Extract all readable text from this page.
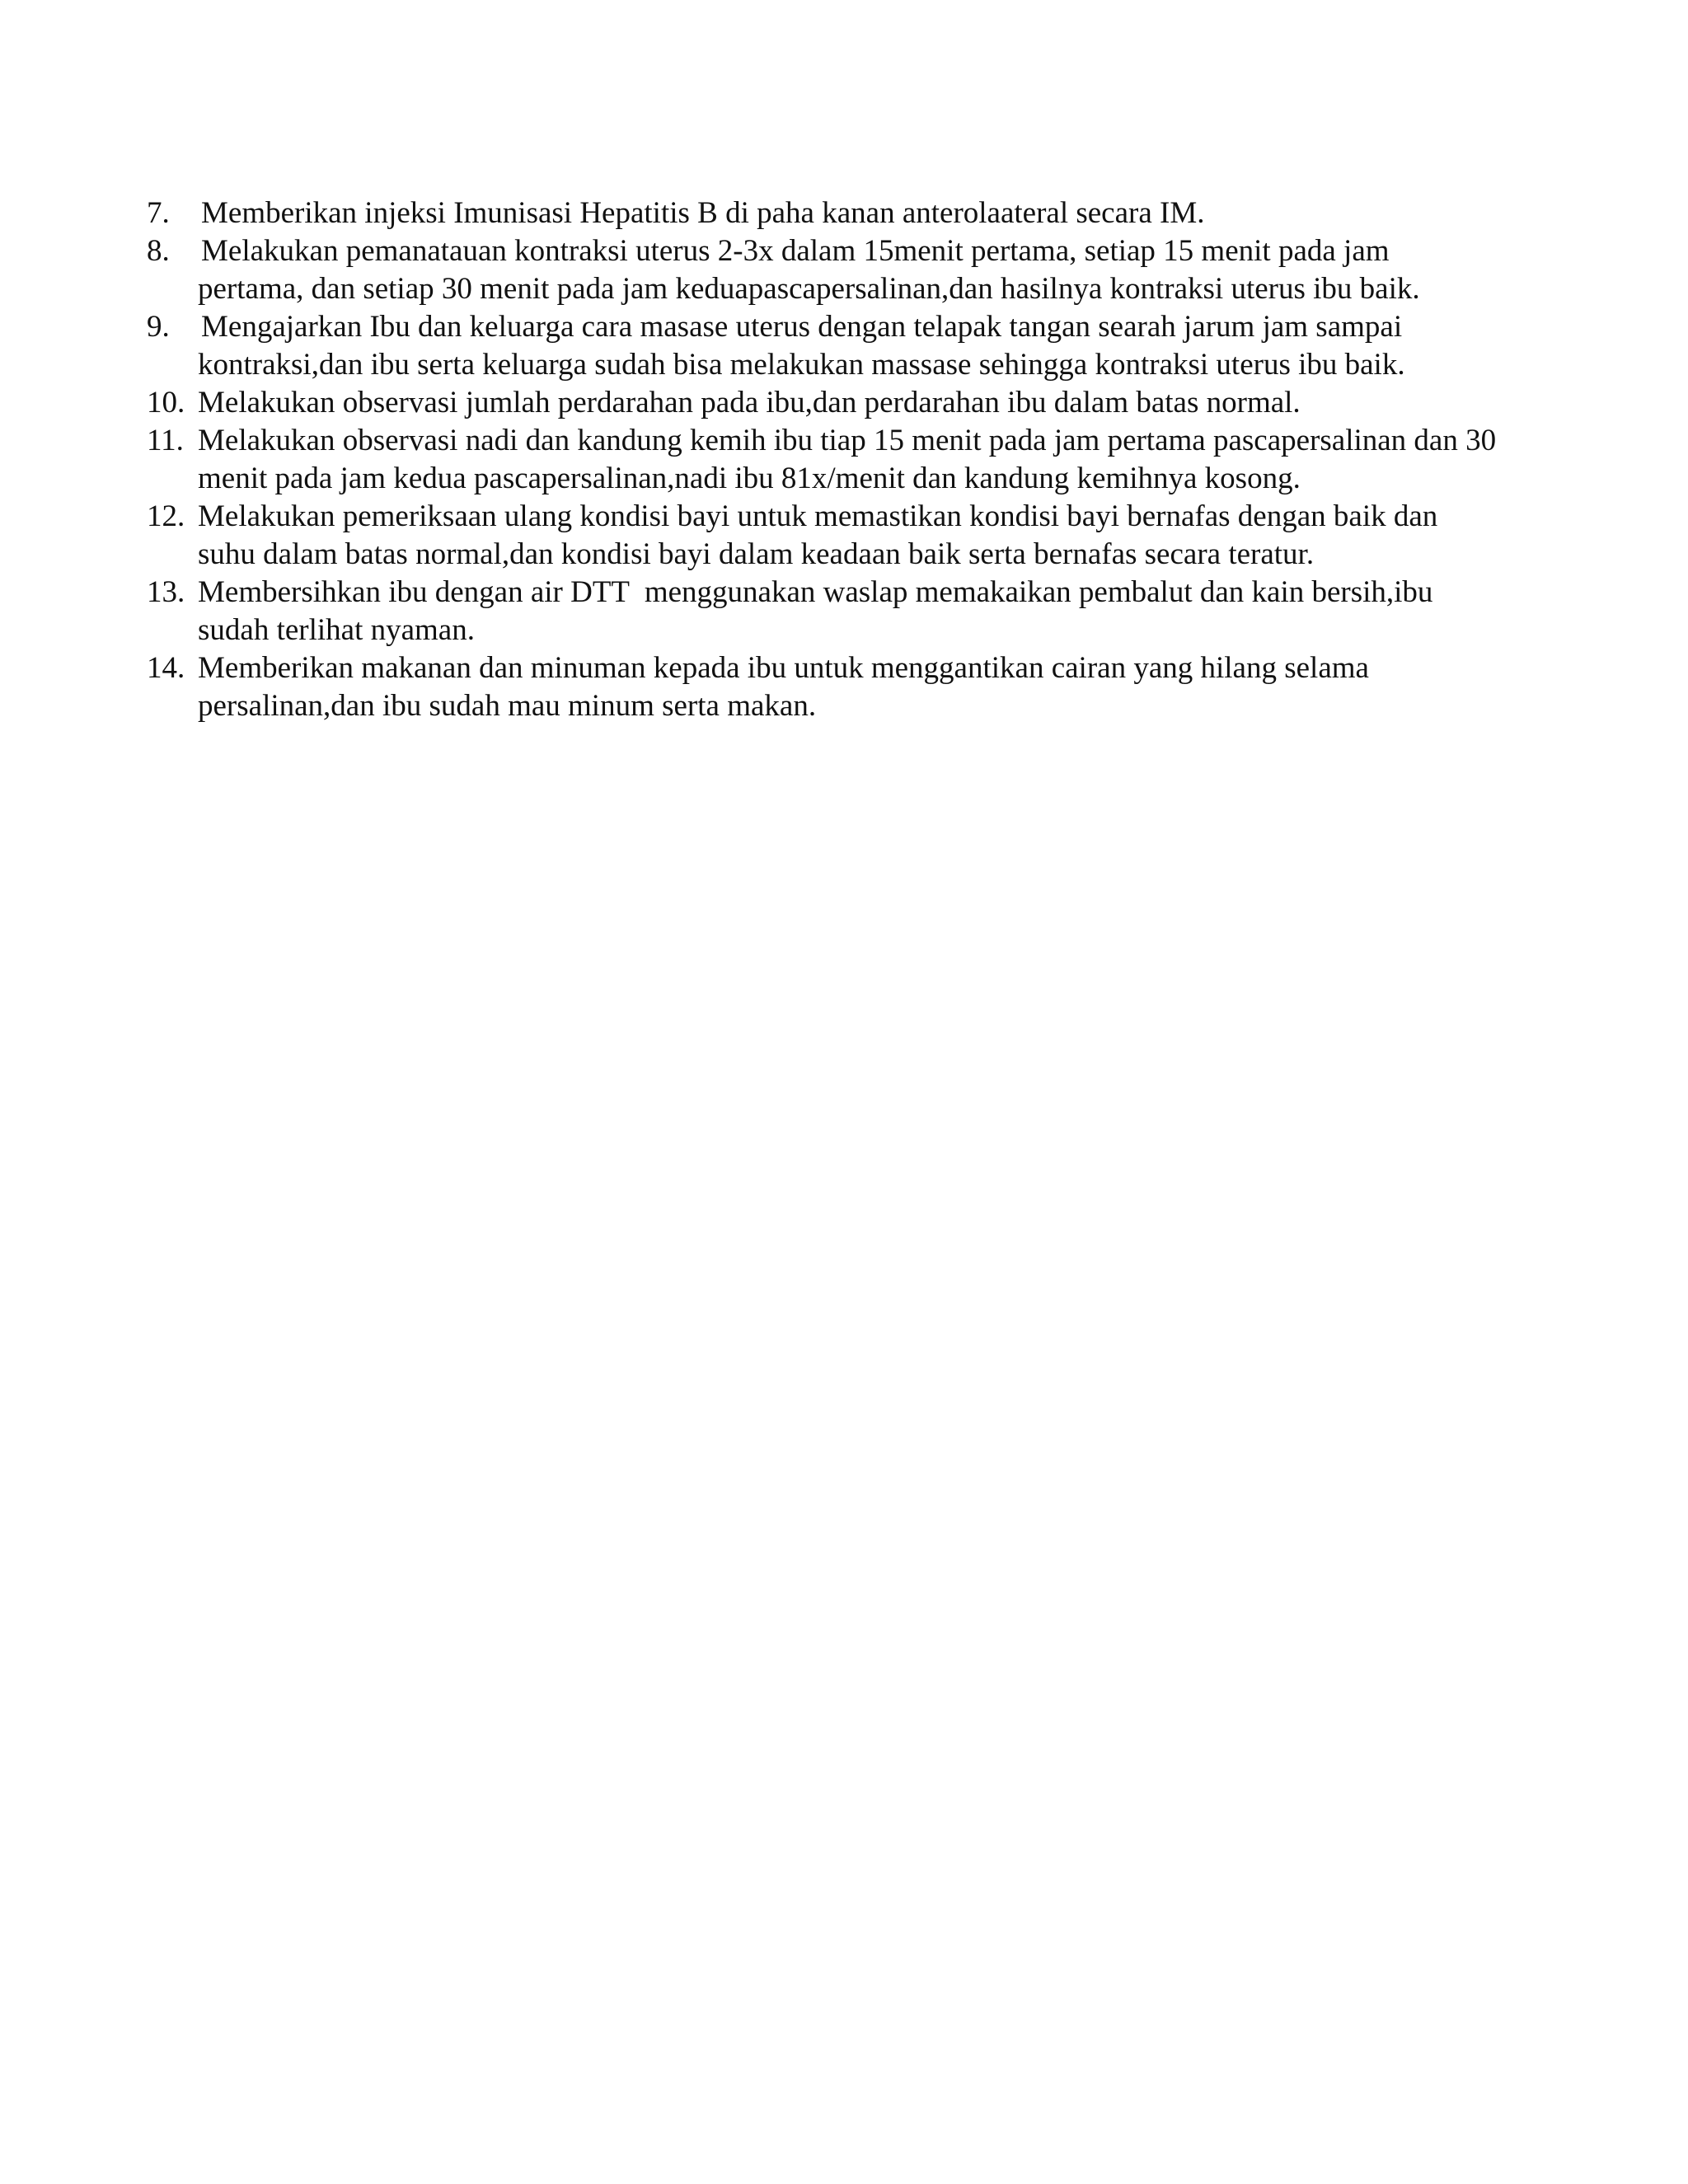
7.	Memberikan injeksi Imunisasi Hepatitis B di paha kanan anterolaateral secara IM.
8.	Melakukan pemanatauan kontraksi uterus 2-3x dalam 15menit pertama, setiap 15 menit pada jam pertama, dan setiap 30 menit pada jam keduapascapersalinan,dan hasilnya kontraksi uterus ibu baik.
9.	Mengajarkan Ibu dan keluarga cara masase uterus dengan telapak tangan searah jarum jam sampai kontraksi,dan ibu serta keluarga sudah bisa melakukan massase sehingga kontraksi uterus ibu baik.
10. Melakukan observasi jumlah perdarahan pada ibu,dan perdarahan ibu dalam batas normal.
11. Melakukan observasi nadi dan kandung kemih ibu tiap 15 menit pada jam pertama pascapersalinan dan 30 menit pada jam kedua pascapersalinan,nadi ibu 81x/menit dan kandung kemihnya kosong.
12. Melakukan pemeriksaan ulang kondisi bayi untuk memastikan kondisi bayi bernafas dengan baik dan suhu dalam batas normal,dan kondisi bayi dalam keadaan baik serta bernafas secara teratur.
13. Membersihkan ibu dengan air DTT  menggunakan waslap memakaikan pembalut dan kain bersih,ibu sudah terlihat nyaman.
14. Memberikan makanan dan minuman kepada ibu untuk menggantikan cairan yang hilang selama persalinan,dan ibu sudah mau minum serta makan.
